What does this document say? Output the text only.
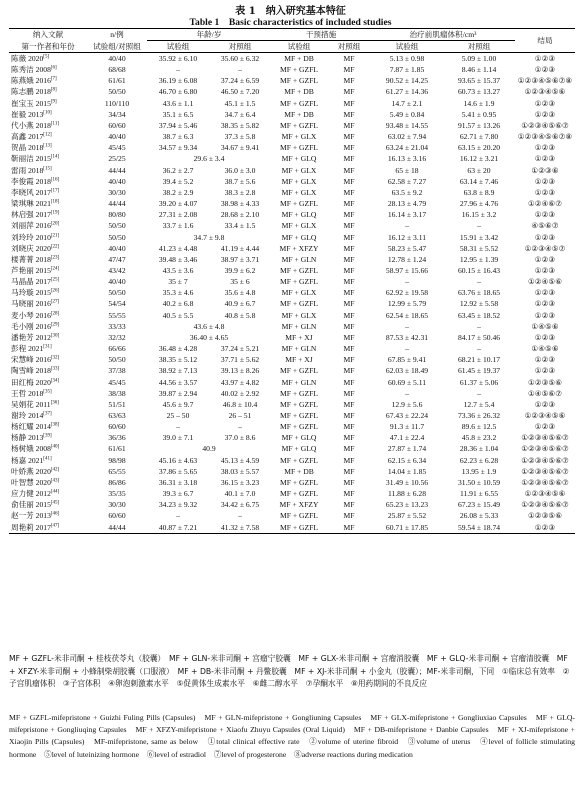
表 1　纳入研究基本特征
Table 1　Basic characteristics of included studies
纳入文献	n/例	年龄/岁		干预措施		治疗前肌瘤体积/cm³		结局
第一作者和年份	试验组/对照组	试验组	对照组	试验组	对照组	试验组	对照组	
陈薇 2020[5]	40/40	35.92 ± 6.10	35.60 ± 6.32	MF + DB	MF	5.13 ± 0.98	5.09 ± 1.00	①②③
陈秀洁 2008[6]	68/68	–	–	MF + GZFL	MF	7.87 ± 1.85	8.46 ± 1.14	①②③
陈燕娥 2016[7]	61/61	36.19 ± 6.08	37.24 ± 6.59	MF + GZFL	MF	90.52 ± 14.25	93.65 ± 15.37	①②③④⑤⑥⑦⑧
陈志鹏 2018[8]	50/50	46.70 ± 6.80	46.50 ± 7.20	MF + DB	MF	61.27 ± 14.36	60.73 ± 13.27	①②③④⑤⑥
崔宝玉 2015[9]	110/110	43.6 ± 1.1	45.1 ± 1.5	MF + GZFL	MF	14.7 ± 2.1	14.6 ± 1.9	①②③
崔毅 2013[10]	34/34	35.1 ± 6.5	34.7 ± 6.4	MF + DB	MF	5.49 ± 0.84	5.41 ± 0.95	①②③
代小燕 2018[11]	60/60	37.94 ± 5.46	38.35 ± 5.82	MF + GZFL	MF	93.48 ± 14.55	91.57 ± 13.26	①②③④⑤⑥⑦
高鑫 2017[12]	40/40	38.7 ± 6.3	37.3 ± 5.8	MF + GLX	MF	63.02 ± 7.94	62.71 ± 7.80	①②③④⑤⑥⑦⑧
贺晶 2018[13]	45/45	34.57 ± 9.34	34.67 ± 9.41	MF + GZFL	MF	63.24 ± 21.04	63.15 ± 20.20	①②③
靳丽洁 2015[14]	25/25	29.6 ± 3.4		MF + GLQ	MF	16.13 ± 3.16	16.12 ± 3.21	①②③
雷雨 2018[15]	44/44	36.2 ± 2.7	36.0 ± 3.0	MF + GLX	MF	65 ± 18	63 ± 20	①②③⑥
李俊霞 2018[16]	40/40	39.4 ± 5.2	38.7 ± 5.6	MF + GLX	MF	62.58 ± 7.27	63.14 ± 7.46	①②③
李晓风 2017[17]	30/30	38.2 ± 2.9	38.3 ± 2.8	MF + GLX	MF	63.5 ± 9.2	63.8 ± 8.9	①②③
梁琪琳 2021[18]	44/44	39.20 ± 4.07	38.98 ± 4.33	MF + GZFL	MF	28.13 ± 4.79	27.96 ± 4.76	①②④⑥⑦
林启强 2017[19]	80/80	27.31 ± 2.08	28.68 ± 2.10	MF + GLQ	MF	16.14 ± 3.17	16.15 ± 3.2	①②③
刘丽萍 2016[20]	50/50	33.7 ± 1.6	33.4 ± 1.5	MF + GLX	MF	–	–	④⑤⑥⑦
刘玲玲 2010[21]	50/50	34.7 ± 9.8		MF + GLQ	MF	16.12 ± 3.11	15.91 ± 3.42	①②③
刘晓庆 2020[22]	40/40	41.23 ± 4.48	41.19 ± 4.44	MF + XFZY	MF	58.23 ± 5.47	58.31 ± 5.52	①②③④⑤⑦
楼菁菁 2018[23]	47/47	39.48 ± 3.46	38.97 ± 3.71	MF + GLN	MF	12.78 ± 1.24	12.95 ± 1.39	①②③
芦艳丽 2015[24]	43/42	43.5 ± 3.6	39.9 ± 6.2	MF + GZFL	MF	58.97 ± 15.66	60.15 ± 16.43	①②③
马晶晶 2017[25]	40/40	35 ± 7	35 ± 6	MF + GZFL	MF	–	–	①②④⑤⑥
马玲璇 2015[26]	50/50	35.3 ± 4.6	35.6 ± 4.8	MF + GLX	MF	62.92 ± 19.58	63.76 ± 18.65	①②③
马晓丽 2016[27]	54/54	40.2 ± 6.8	40.9 ± 6.7	MF + GZFL	MF	12.99 ± 5.79	12.92 ± 5.58	①②③
麦小琴 2016[28]	55/55	40.5 ± 5.5	40.8 ± 5.8	MF + GLX	MF	62.54 ± 18.65	63.45 ± 18.52	①②③
毛小刚 2016[29]	33/33	43.6 ± 4.8		MF + GLN	MF	–	–	①④⑤⑥
潘艳芳 2012[30]	32/32	36.40 ± 4.65		MF + XJ	MF	87.53 ± 42.31	84.17 ± 50.46	①②③
彭程 2021[31]	66/66	36.48 ± 4.28	37.24 ± 5.21	MF + GLN	MF	–	–	①④⑤⑥
宋慧峰 2016[32]	50/50	38.35 ± 5.12	37.71 ± 5.62	MF + XJ	MF	67.85 ± 9.41	68.21 ± 10.17	①②③
陶雪峰 2018[33]	37/38	38.92 ± 7.13	39.13 ± 8.26	MF + GZFL	MF	62.03 ± 18.49	61.45 ± 19.37	①②③
田红梅 2020[34]	45/45	44.56 ± 3.57	43.97 ± 4.82	MF + GLN	MF	60.69 ± 5.11	61.37 ± 5.06	①②③⑤⑥
王哲 2018[35]	38/38	39.87 ± 2.94	40.02 ± 2.92	MF + GZFL	MF	–	–	①④⑤⑥⑦
吴娟花 2011[36]	51/51	45.6 ± 9.7	46.8 ± 10.4	MF + GZFL	MF	12.9 ± 5.6	12.7 ± 5.4	①②③
谢玲 2014[37]	63/63	25 – 50	26 – 51	MF + GZFL	MF	67.43 ± 22.24	73.36 ± 26.32	①②③④⑤⑥
杨红耀 2014[38]	60/60	–	–	MF + GZFL	MF	91.3 ± 11.7	89.6 ± 12.5	①②③
杨静 2013[39]	36/36	39.0 ± 7.1	37.0 ± 8.6	MF + GLQ	MF	47.1 ± 22.4	45.8 ± 23.2	①②③④⑤⑥⑦
杨树娥 2008[40]	61/61	40.9		MF + GLQ	MF	27.87 ± 1.74	28.36 ± 1.04	①②③④⑤⑥⑦
杨嘉 2021[41]	98/98	45.16 ± 4.63	45.13 ± 4.59	MF + GZFL	MF	62.15 ± 6.34	62.23 ± 6.28	①②③④⑤⑥⑦
叶娇燕 2020[42]	65/55	37.86 ± 5.65	38.03 ± 5.57	MF + DB	MF	14.04 ± 1.85	13.95 ± 1.9	①②③④⑤⑥⑦
叶智慧 2020[43]	86/86	36.31 ± 3.18	36.15 ± 3.23	MF + GZFL	MF	31.49 ± 10.56	31.50 ± 10.59	①②③④⑤⑥⑦
应力健 2012[44]	35/35	39.3 ± 6.7	40.1 ± 7.0	MF + GZFL	MF	11.88 ± 6.28	11.91 ± 6.55	①②③④⑤⑥
俞佳丽 2015[45]	30/30	34.23 ± 9.32	34.42 ± 6.75	MF + XFZY	MF	65.23 ± 13.23	67.23 ± 15.49	①②③④⑤⑥⑦
赵一芳 2013[46]	60/60	–	–	MF + GZFL	MF	25.87 ± 5.52	26.08 ± 5.33	①②③⑤⑥
周艳莉 2017[47]	44/44	40.87 ± 7.21	41.32 ± 7.58	MF + GZFL	MF	60.71 ± 17.85	59.54 ± 18.74	①②③
MF + GZFL-米非司酮 + 桂枝茯苓丸（胶囊）　MF + GLN-米非司酮 + 宫瘤宁胶囊　MF + GLX-米非司酮 + 宫瘤消胶囊　MF + GLQ-米非司酮 + 宫瘤清胶囊　MF + XFZY-米非司酮 + 小蜂制柴胡胶囊（口服液）　MF + DB-米非司酮 + 丹鳖胶囊　MF + XJ-米非司酮 + 小金丸（胶囊）；MF-米非司酮，下同　①临床总有效率　②子宫肌瘤体积　③子宫体积　④卵泡刺激素水平　⑤促黄体生成素水平　⑥雌二醇水平　⑦孕酮水平　⑧用药期间的不良反应
MF + GZFL-mifepristone + Guizhi Fuling Pills (Capsules)　MF + GLN-mifepristone + Gongliuning Capsules　MF + GLX-mifepristone + Gongliuxiao Capsules　MF + GLQ-mifepristone + Gongliuqing Capsules　MF + XFZY-mifepristone + Xiaofu Zhuyu Capsules (Oral Liquid)　MF + DB-mifepristone + Danbie Capsules　MF + XJ-mifepristone + Xiaojin Pills (Capsules)　MF-mifepristone, same as below　①total clinical effective rate　②volume of uterine fibroid　③volume of uterus　④level of follicle stimulating hormone　⑤level of luteinizing hormone　⑥level of estradiol　⑦level of progesterone　⑧adverse reactions during medication
